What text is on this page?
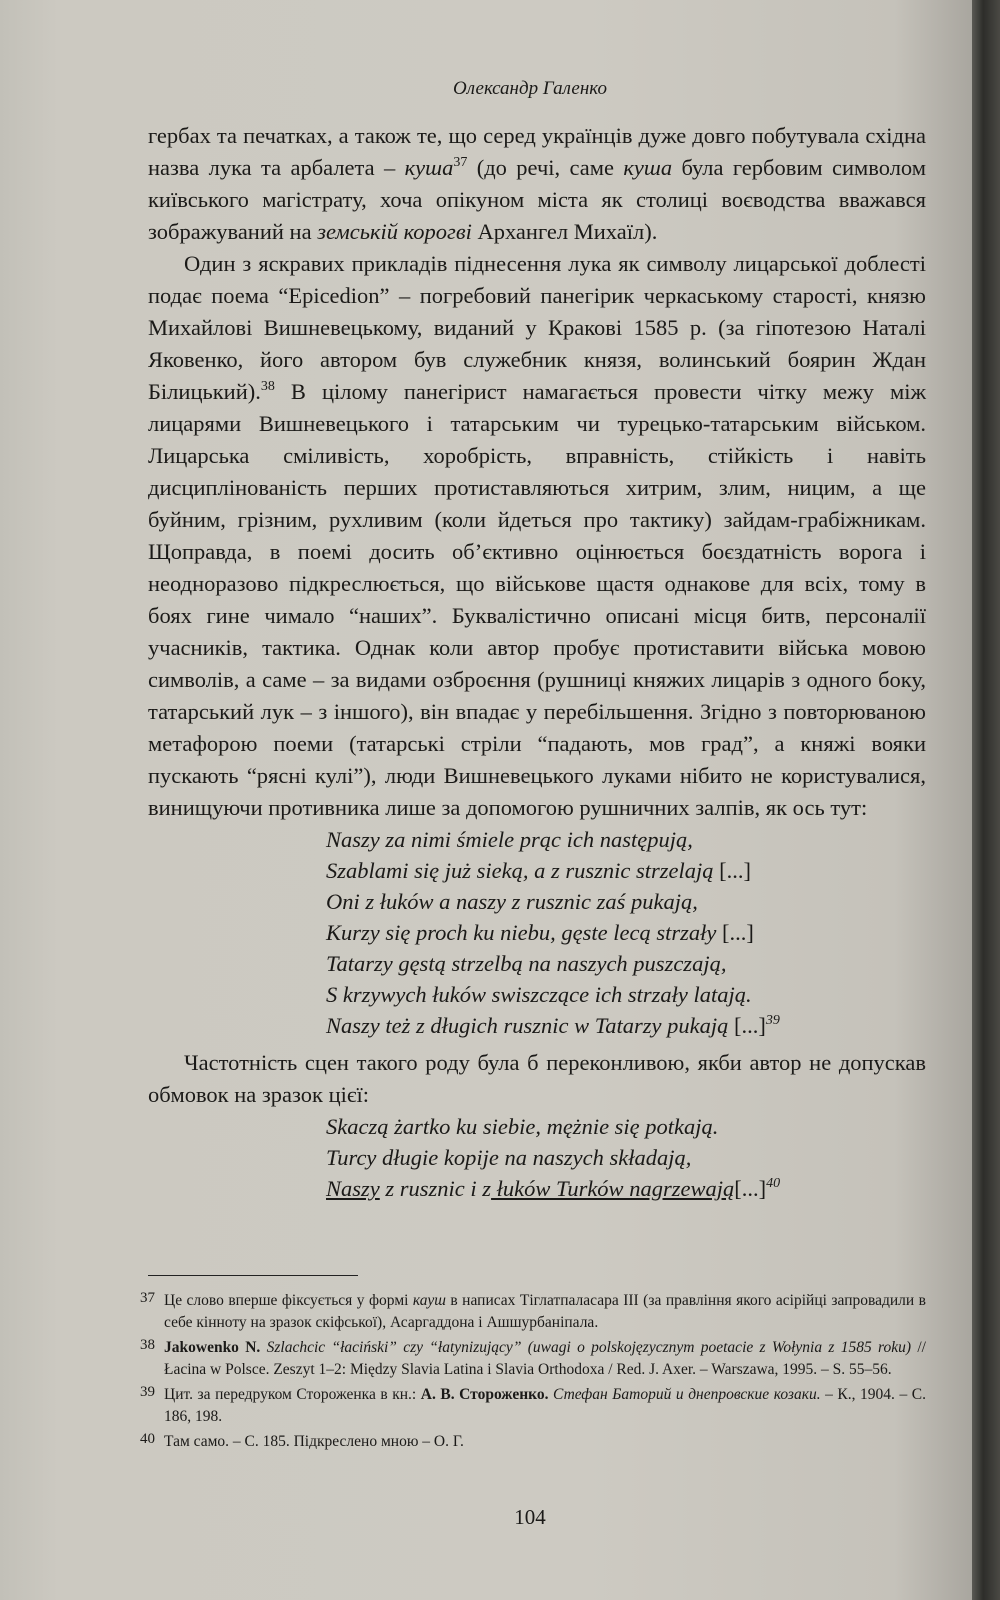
Олександр Галенко

гербах та печатках, а також те, що серед українців дуже довго побутувала східна назва лука та арбалета – куша$^{37}$ (до речі, саме куша була гербовим символом київського магістрату, хоча опікуном міста як столиці воєводства вважався зображуваний на земській корогві Архангел Михаїл).

Один з яскравих прикладів піднесення лука як символу лицарської доблесті подає поема “Epicedion” – погребовий панегірик черкаському старості, князю Михайлові Вишневецькому, виданий у Кракові 1585 р. (за гіпотезою Наталі Яковенко, його автором був служебник князя, волинський боярин Ждан Білицький).$^{38}$ В цілому панегірист намагається провести чітку межу між лицарями Вишневецького і татарським чи турецько-татарським військом. Лицарська сміливість, хоробрість, вправність, стійкість і навіть дисциплінованість перших протиставляються хитрим, злим, ницим, а ще буйним, грізним, рухливим (коли йдеться про тактику) зайдам-грабіжникам. Щоправда, в поемі досить об’єктивно оцінюється боєздатність ворога і неодноразово підкреслюється, що військове щастя однакове для всіх, тому в боях гине чимало “наших”. Буквалістично описані місця битв, персоналії учасників, тактика. Однак коли автор пробує протиставити війська мовою символів, а саме – за видами озброєння (рушниці княжих лицарів з одного боку, татарський лук – з іншого), він впадає у перебільшення. Згідно з повторюваною метафорою поеми (татарські стріли “падають, мов град”, а княжі вояки пускають “рясні кулі”), люди Вишневецького луками нібито не користувалися, винищуючи противника лише за допомогою рушничних залпів, як ось тут:

Naszy za nimi śmiele prąc ich następują,
Szablami się już sieką, a z rusznic strzelają [...]
Oni z łuków a naszy z rusznic zaś pukają,
Kurzy się proch ku niebu, gęste lecą strzały [...]
Tatarzy gęstą strzelbą na naszych puszczają,
S krzywych łuków swiszczące ich strzały latają.
Naszy też z długich rusznic w Tatarzy pukają [...]$^{39}$

Частотність сцен такого роду була б переконливою, якби автор не допускав обмовок на зразок цієї:

Skaczą żartko ku siebie, mężnie się potkają.
Turcy długie kopije na naszych składają,
Naszy z rusznic i z łuków Turków nagrzewają[...]$^{40}$
37 Це слово вперше фіксується у формі кауш в написах Тіглатпаласара ІІІ (за правління якого асірійці запровадили в себе кінноту на зразок скіфської), Асаргаддона і Ашшурбаніпала.
38 Jakowenko N. Szlachcic “łaciński” czy “łatynizujący” (uwagi o polskojęzycznyт poetacie z Wołynia z 1585 roku) // Łacina w Polsce. Zeszyt 1–2: Między Slavia Latina i Slavia Orthodoxa / Red. J. Axer. – Warszawa, 1995. – S. 55–56.
39 Цит. за передруком Стороженка в кн.: А. В. Стороженко. Стефан Баторий и днепровские козаки. – К., 1904. – С. 186, 198.
40 Там само. – С. 185. Підкреслено мною – О. Г.
104
